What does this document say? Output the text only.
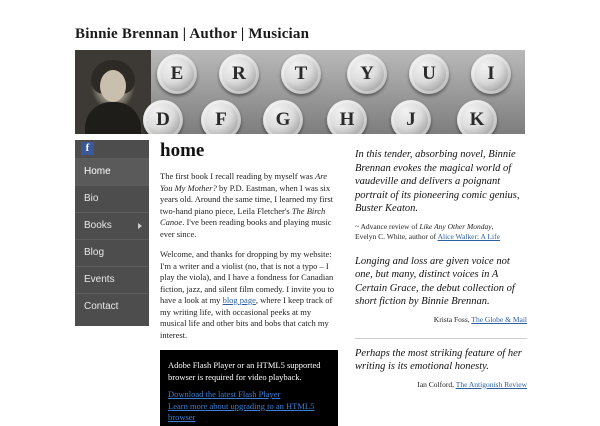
Binnie Brennan | Author | Musician
E	R	T	Y	U	I
D	F	G	H	J	K
f
Home
Bio
Books
Blog
Events
Contact
home

The first book I recall reading by myself was Are You My Mother? by P.D. Eastman, when I was six years old. Around the same time, I learned my first two-hand piano piece, Leila Fletcher's The Birch Canoe. I've been reading books and playing music ever since.

Welcome, and thanks for dropping by my website: I'm a writer and a violist (no, that is not a typo – I play the viola), and I have a fondness for Canadian fiction, jazz, and silent film comedy. I invite you to have a look at my blog page, where I keep track of my writing life, with occasional peeks at my musical life and other bits and bobs that catch my interest.

Adobe Flash Player or an HTML5 supported browser is required for video playback.
Download the latest Flash Player
Learn more about upgrading to an HTML5 browser

In this tender, absorbing novel, Binnie Brennan evokes the magical world of vaudeville and delivers a poignant portrait of its pioneering comic genius, Buster Keaton.

~ Advance review of Like Any Other Monday,
Evelyn C. White, author of Alice Walker: A Life

Longing and loss are given voice not one, but many, distinct voices in A Certain Grace, the debut collection of short fiction by Binnie Brennan.

Krista Foss, The Globe & Mail

Perhaps the most striking feature of her writing is its emotional honesty.

Ian Colford, The Antigonish Review
